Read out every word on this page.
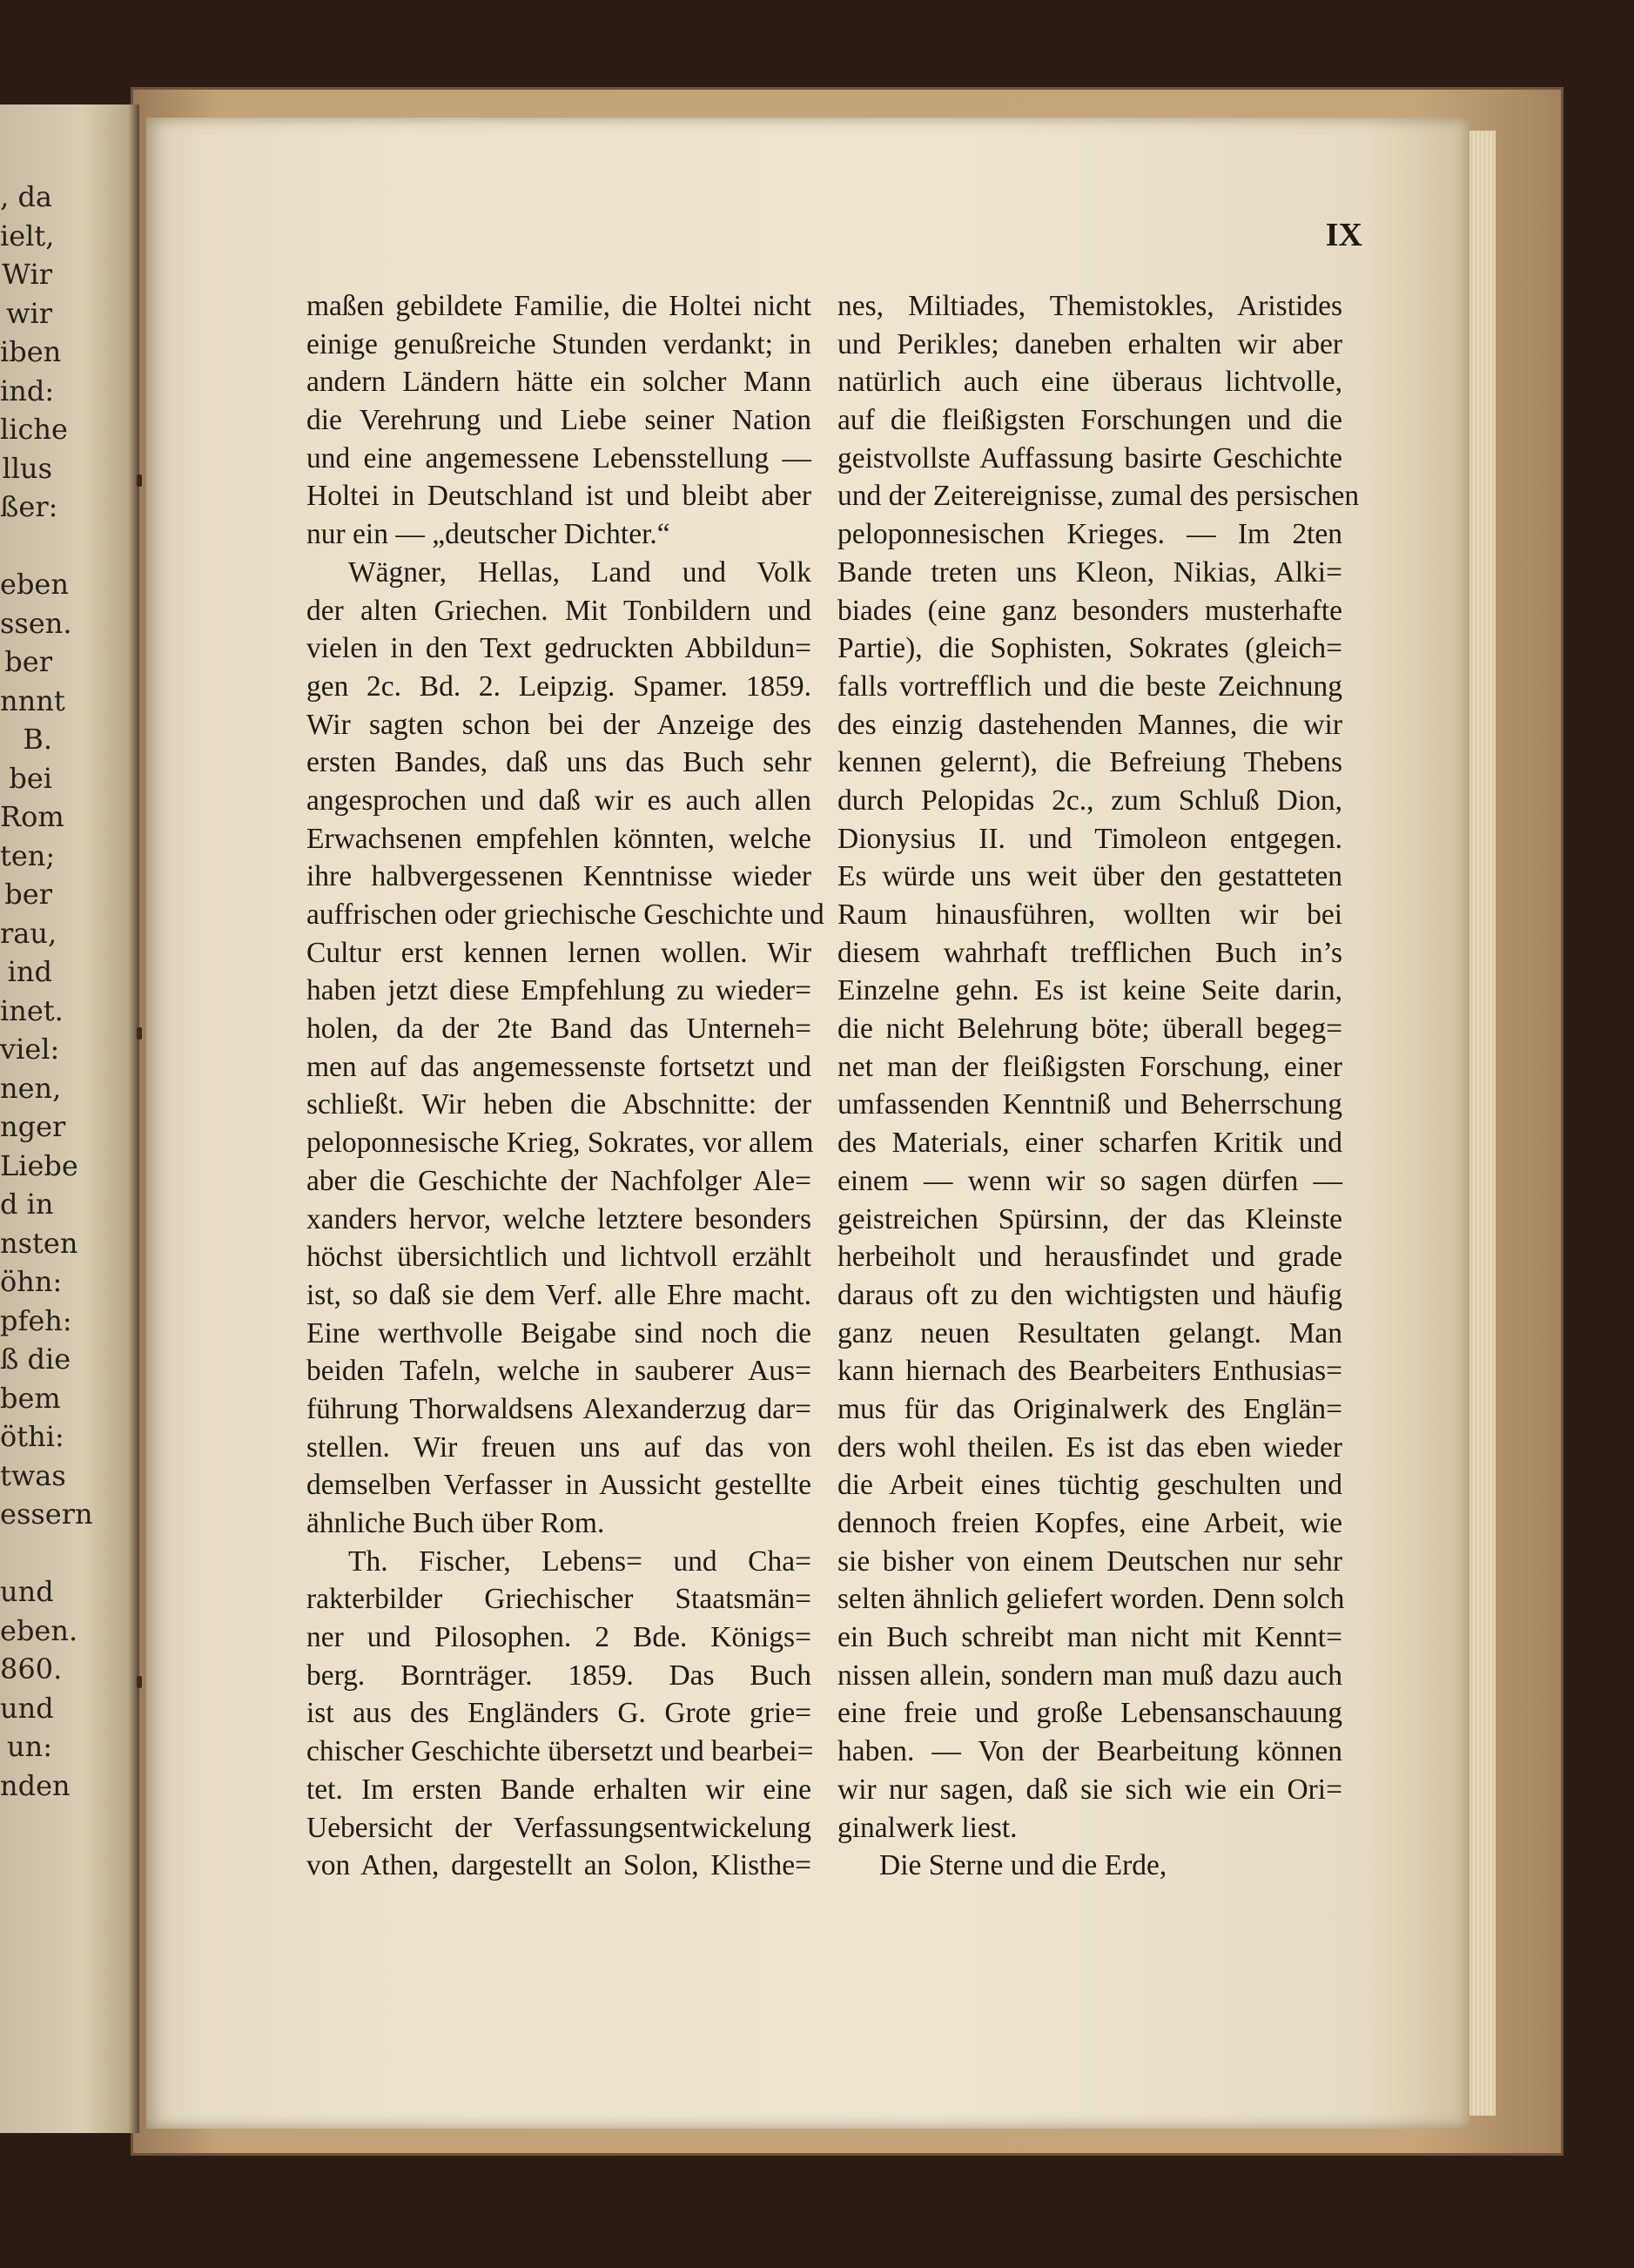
, da
ielt,
Wir
wir
iben
ind:
liche
llus
ßer:
eben
ssen.
ber
nnnt
B.
bei
Rom
ten;
ber
rau,
ind
inet.
viel:
nen,
nger
Liebe
d in
nsten
öhn:
pfeh:
ß die
bem
öthi:
twas
essern
und
eben.
860.
und
un:
nden
IX
maßen gebildete Familie, die Holtei nicht
einige genußreiche Stunden verdankt; in
andern Ländern hätte ein solcher Mann
die Verehrung und Liebe seiner Nation
und eine angemessene Lebensstellung —
Holtei in Deutschland ist und bleibt aber
nur ein — „deutscher Dichter.“
Wägner, Hellas, Land und Volk
der alten Griechen. Mit Tonbildern und
vielen in den Text gedruckten Abbildun=
gen 2c. Bd. 2. Leipzig. Spamer. 1859.
Wir sagten schon bei der Anzeige des
ersten Bandes, daß uns das Buch sehr
angesprochen und daß wir es auch allen
Erwachsenen empfehlen könnten, welche
ihre halbvergessenen Kenntnisse wieder
auffrischen oder griechische Geschichte und
Cultur erst kennen lernen wollen. Wir
haben jetzt diese Empfehlung zu wieder=
holen, da der 2te Band das Unterneh=
men auf das angemessenste fortsetzt und
schließt. Wir heben die Abschnitte: der
peloponnesische Krieg, Sokrates, vor allem
aber die Geschichte der Nachfolger Ale=
xanders hervor, welche letztere besonders
höchst übersichtlich und lichtvoll erzählt
ist, so daß sie dem Verf. alle Ehre macht.
Eine werthvolle Beigabe sind noch die
beiden Tafeln, welche in sauberer Aus=
führung Thorwaldsens Alexanderzug dar=
stellen. Wir freuen uns auf das von
demselben Verfasser in Aussicht gestellte
ähnliche Buch über Rom.
Th. Fischer, Lebens= und Cha=
rakterbilder Griechischer Staatsmän=
ner und Pilosophen. 2 Bde. Königs=
berg. Bornträger. 1859. Das Buch
ist aus des Engländers G. Grote grie=
chischer Geschichte übersetzt und bearbei=
tet. Im ersten Bande erhalten wir eine
Uebersicht der Verfassungsentwickelung
von Athen, dargestellt an Solon, Klisthe=
nes, Miltiades, Themistokles, Aristides
und Perikles; daneben erhalten wir aber
natürlich auch eine überaus lichtvolle,
auf die fleißigsten Forschungen und die
geistvollste Auffassung basirte Geschichte
und der Zeitereignisse, zumal des persischen
peloponnesischen Krieges. — Im 2ten
Bande treten uns Kleon, Nikias, Alki=
biades (eine ganz besonders musterhafte
Partie), die Sophisten, Sokrates (gleich=
falls vortrefflich und die beste Zeichnung
des einzig dastehenden Mannes, die wir
kennen gelernt), die Befreiung Thebens
durch Pelopidas 2c., zum Schluß Dion,
Dionysius II. und Timoleon entgegen.
Es würde uns weit über den gestatteten
Raum hinausführen, wollten wir bei
diesem wahrhaft trefflichen Buch in’s
Einzelne gehn. Es ist keine Seite darin,
die nicht Belehrung böte; überall begeg=
net man der fleißigsten Forschung, einer
umfassenden Kenntniß und Beherrschung
des Materials, einer scharfen Kritik und
einem — wenn wir so sagen dürfen —
geistreichen Spürsinn, der das Kleinste
herbeiholt und herausfindet und grade
daraus oft zu den wichtigsten und häufig
ganz neuen Resultaten gelangt. Man
kann hiernach des Bearbeiters Enthusias=
mus für das Originalwerk des Englän=
ders wohl theilen. Es ist das eben wieder
die Arbeit eines tüchtig geschulten und
dennoch freien Kopfes, eine Arbeit, wie
sie bisher von einem Deutschen nur sehr
selten ähnlich geliefert worden. Denn solch
ein Buch schreibt man nicht mit Kennt=
nissen allein, sondern man muß dazu auch
eine freie und große Lebensanschauung
haben. — Von der Bearbeitung können
wir nur sagen, daß sie sich wie ein Ori=
ginalwerk liest.
Die Sterne und die Erde,
